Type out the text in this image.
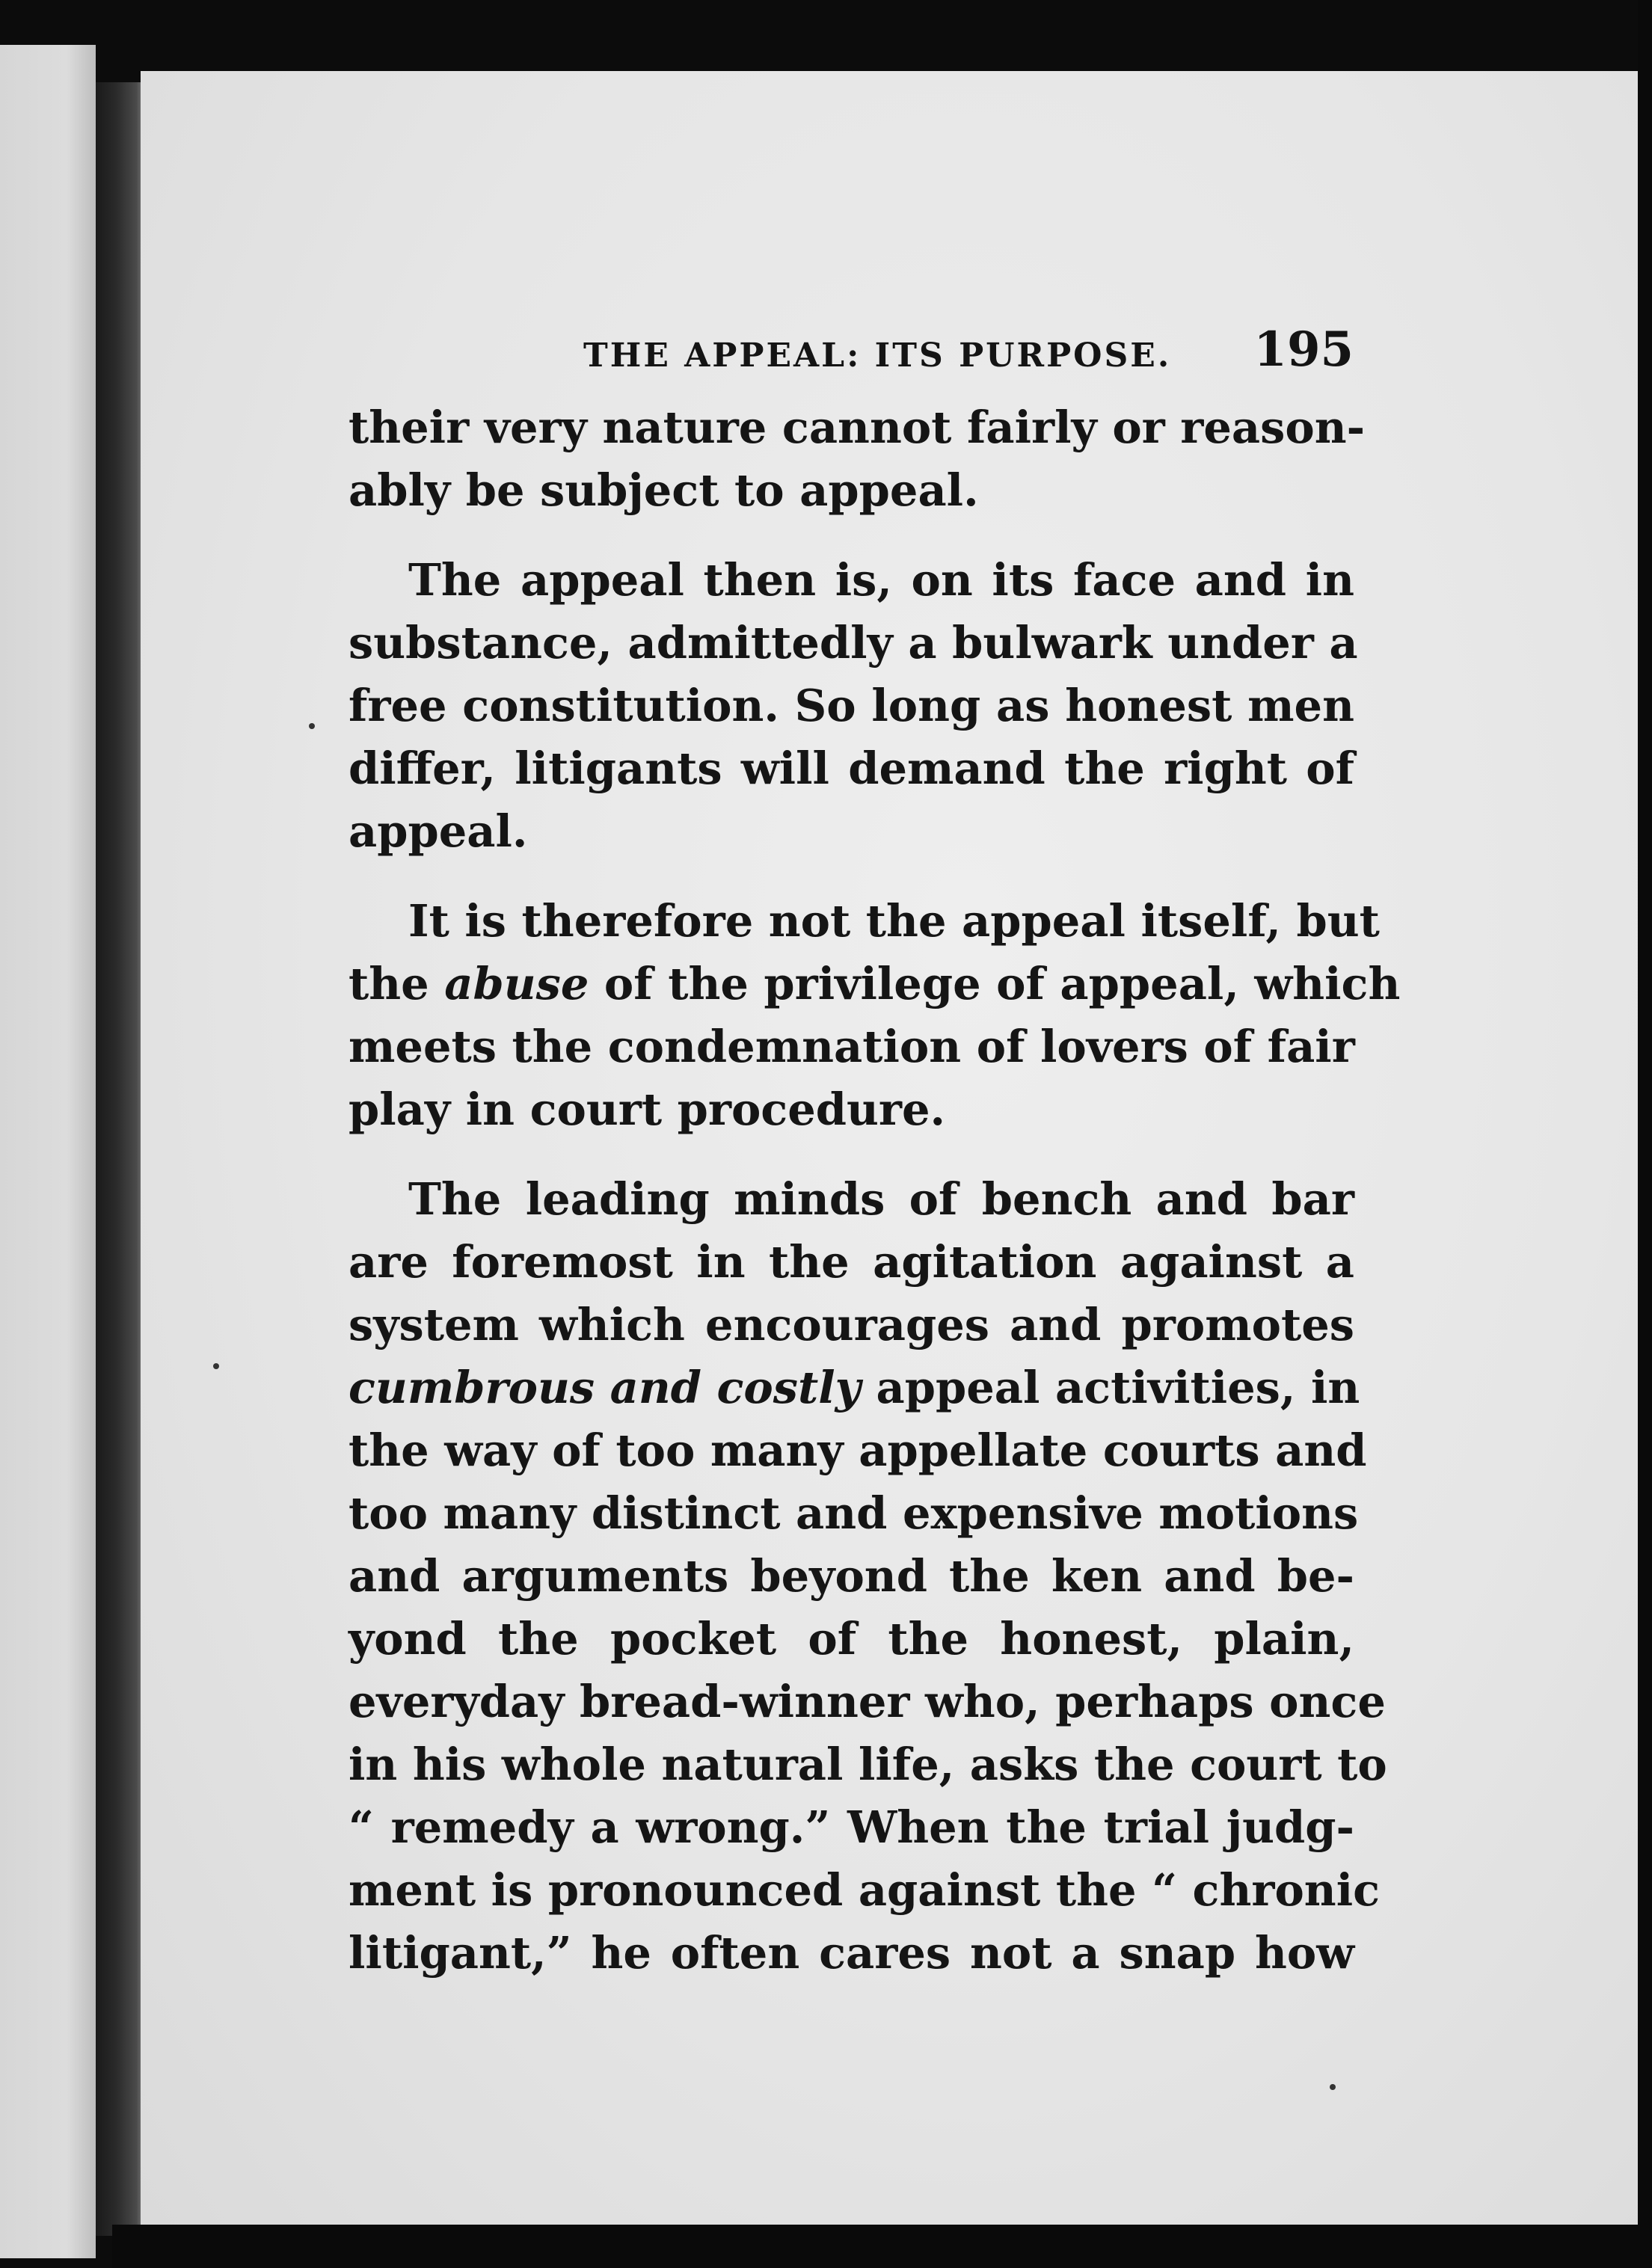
THE APPEAL: ITS PURPOSE. 195

their very nature cannot fairly or reason-
ably be subject to appeal.

The appeal then is, on its face and in
substance, admittedly a bulwark under a
free constitution. So long as honest men
differ, litigants will demand the right of
appeal.

It is therefore not the appeal itself, but
the abuse of the privilege of appeal, which
meets the condemnation of lovers of fair
play in court procedure.

The leading minds of bench and bar
are foremost in the agitation against a
system which encourages and promotes
cumbrous and costly appeal activities, in
the way of too many appellate courts and
too many distinct and expensive motions
and arguments beyond the ken and be-
yond the pocket of the honest, plain,
everyday bread-winner who, perhaps once
in his whole natural life, asks the court to
“ remedy a wrong.” When the trial judg-
ment is pronounced against the “ chronic
litigant,” he often cares not a snap how
